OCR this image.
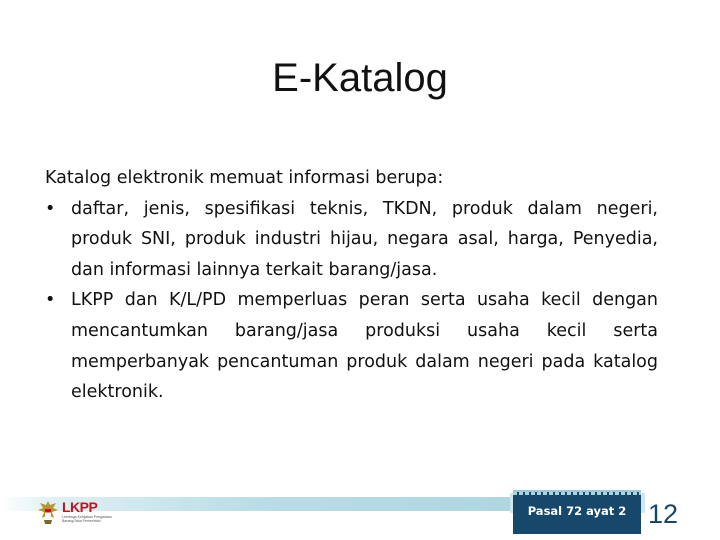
E-Katalog

Katalog elektronik memuat informasi berupa:

• daftar, jenis, spesifikasi teknis, TKDN, produk dalam negeri, produk SNI, produk industri hijau, negara asal, harga, Penyedia, dan informasi lainnya terkait barang/jasa.
• LKPP dan K/L/PD memperluas peran serta usaha kecil dengan mencantumkan barang/jasa produksi usaha kecil serta memperbanyak pencantuman produk dalam negeri pada katalog elektronik.
LKPP
Lembaga Kebijakan Pengadaan Barang/Jasa Pemerintah
Pasal 72 ayat 2 12
